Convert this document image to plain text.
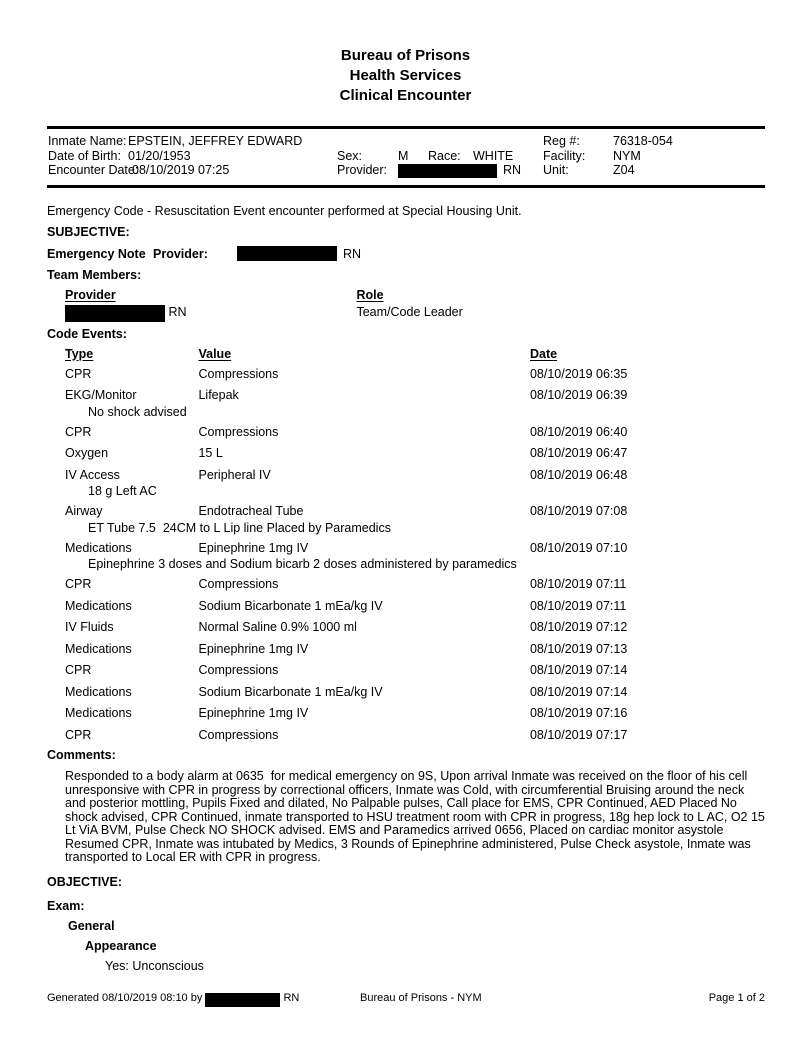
Bureau of Prisons
Health Services
Clinical Encounter
Inmate Name: EPSTEIN, JEFFREY EDWARD	Reg #:	76318-054
Date of Birth: 01/20/1953	Sex:	M Race: WHITE Facility: NYM
Encounter Date:
08/10/2019 07:25	Provider:	RN Unit:	Z04
Emergency Code - Resuscitation Event encounter performed at Special Housing Unit.
SUBJECTIVE:
Emergency Note Provider:	RN
Team Members:
Provider	Role
RN	Team/Code Leader
Code Events:
Type	Value	Date
CPR	Compressions	08/10/2019 06:35
EKG/Monitor	Lifepak	08/10/2019 06:39
No shock advised
CPR	Compressions	08/10/2019 06:40
Oxygen	15 L	08/10/2019 06:47
IV Access	Peripheral IV	08/10/2019 06:48
18 g Left AC
Airway	Endotracheal Tube	08/10/2019 07:08
ET Tube 7.5  24CM to L Lip line Placed by Paramedics
Medications	Epinephrine 1mg IV	08/10/2019 07:10
Epinephrine 3 doses and Sodium bicarb 2 doses administered by paramedics
CPR	Compressions	08/10/2019 07:11
Medications	Sodium Bicarbonate 1 mEa/kg IV	08/10/2019 07:11
IV Fluids	Normal Saline 0.9% 1000 ml	08/10/2019 07:12
Medications	Epinephrine 1mg IV	08/10/2019 07:13
CPR	Compressions	08/10/2019 07:14
Medications	Sodium Bicarbonate 1 mEa/kg IV	08/10/2019 07:14
Medications	Epinephrine 1mg IV	08/10/2019 07:16
CPR	Compressions	08/10/2019 07:17
Comments:
Responded to a body alarm at 0635  for medical emergency on 9S, Upon arrival Inmate was received on the floor of his cell unresponsive with CPR in progress by correctional officers, Inmate was Cold, with circumferential Bruising around the neck and posterior mottling, Pupils Fixed and dilated, No Palpable pulses, Call place for EMS, CPR Continued, AED Placed No shock advised, CPR Continued, inmate transported to HSU treatment room with CPR in progress, 18g hep lock to L AC, O2 15 Lt ViA BVM, Pulse Check NO SHOCK advised. EMS and Paramedics arrived 0656, Placed on cardiac monitor asystole Resumed CPR, Inmate was intubated by Medics, 3 Rounds of Epinephrine administered, Pulse Check asystole, Inmate was transported to Local ER with CPR in progress.
OBJECTIVE:
Exam:
General
Appearance
Yes: Unconscious
Generated 08/10/2019 08:10 by	RN	Bureau of Prisons - NYM	Page 1 of 2
